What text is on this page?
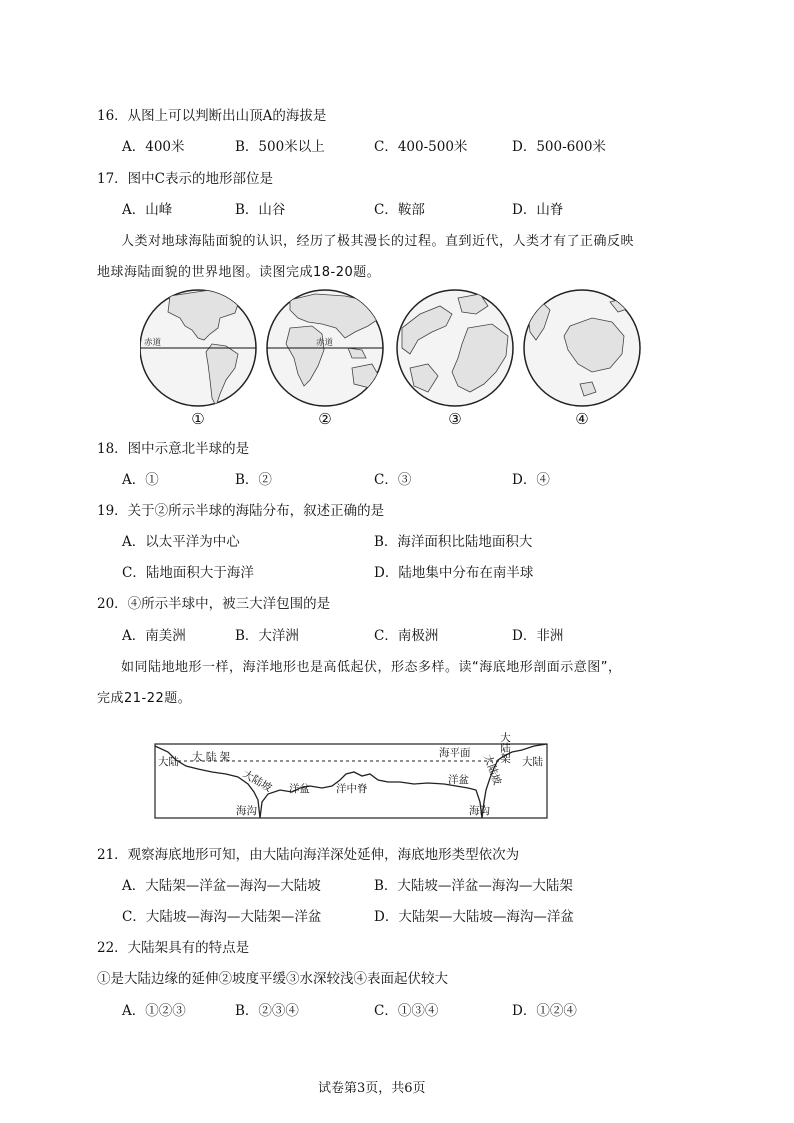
16．从图上可以判断出山顶A的海拔是
A．400米	B．500米以上	C．400-500米	D．500-600米
17．图中C表示的地形部位是
A．山峰	B．山谷	C．鞍部	D．山脊
人类对地球海陆面貌的认识，经历了极其漫长的过程。直到近代，人类才有了正确反映
地球海陆面貌的世界地图。读图完成18-20题。
赤道	赤道
①	②	③	④
18．图中示意北半球的是
A．①	B．②	C．③	D．④
19．关于②所示半球的海陆分布，叙述正确的是
A．以太平洋为中心	B．海洋面积比陆地面积大
C．陆地面积大于海洋	D．陆地集中分布在南半球
20．④所示半球中，被三大洋包围的是
A．南美洲	B．大洋洲	C．南极洲	D．非洲
如同陆地地形一样，海洋地形也是高低起伏，形态多样。读“海底地形剖面示意图”，
完成21-22题。
大陆 大 陆 架
大陆坡
海沟
洋盆 洋中脊
海平面
洋盆
海沟
大陆架
大陆坡 大陆
21．观察海底地形可知，由大陆向海洋深处延伸，海底地形类型依次为
A．大陆架—洋盆—海沟—大陆坡	B．大陆坡—洋盆—海沟—大陆架
C．大陆坡—海沟—大陆架—洋盆	D．大陆架—大陆坡—海沟—洋盆
22．大陆架具有的特点是
①是大陆边缘的延伸②坡度平缓③水深较浅④表面起伏较大
A．①②③	B．②③④	C．①③④	D．①②④
试卷第3页，共6页
